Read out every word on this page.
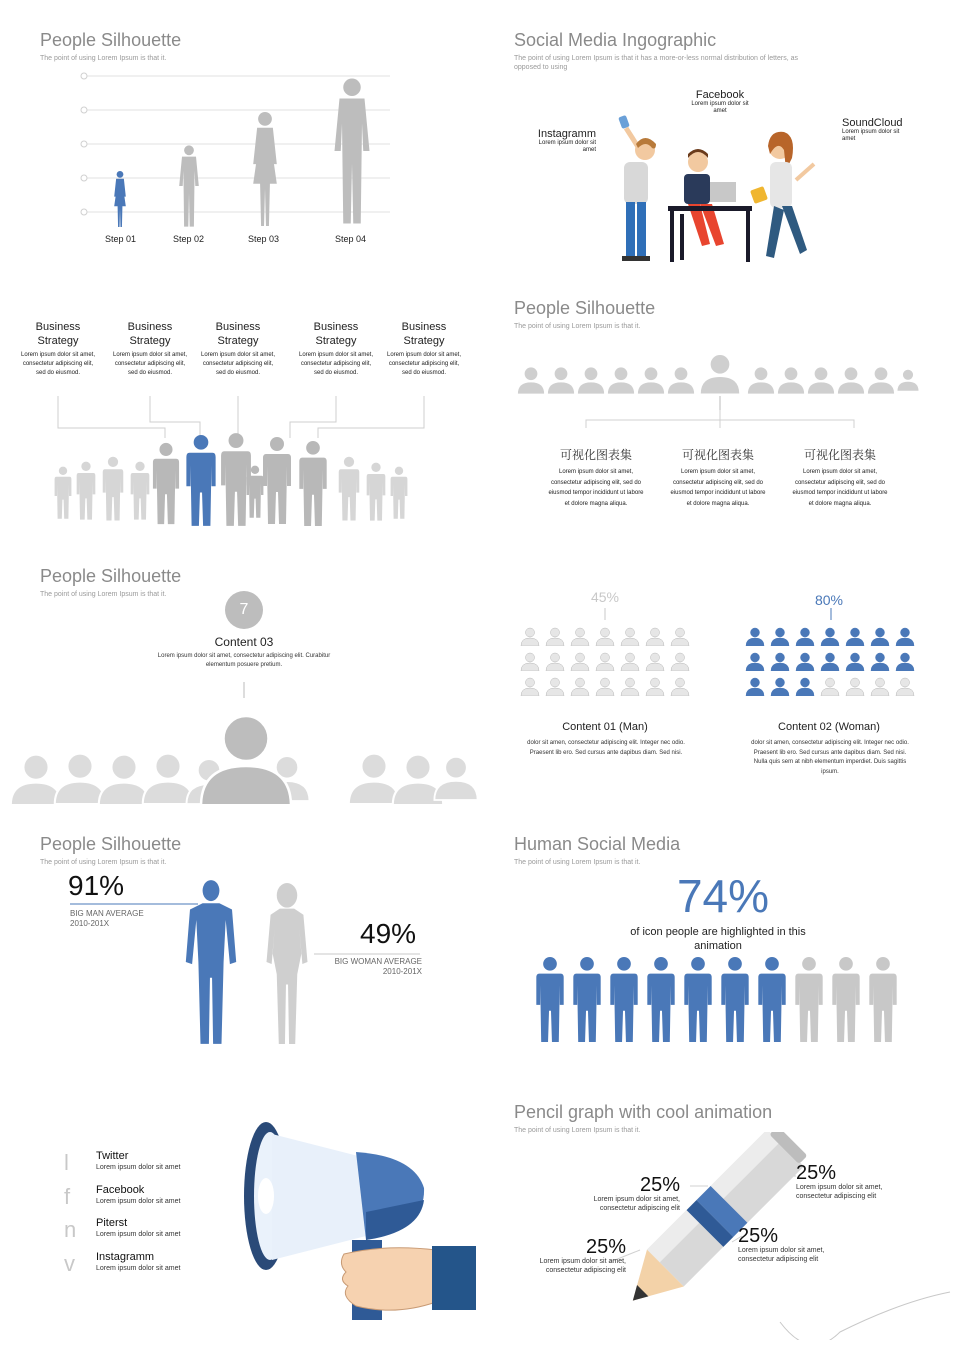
People Silhouette
The point of using Lorem Ipsum is that it.
Step 01	Step 02	Step 03	Step 04
Social Media Ingographic
The point of using Lorem Ipsum is that it has a more-or-less normal distribution of letters, as opposed to using
Facebook
Lorem ipsum dolor sit amet
Instagramm
Lorem ipsum dolor sit amet
SoundCloud
Lorem ipsum dolor sit amet
Business Strategy
Lorem ipsum dolor sit amet, consectetur adipiscing elit, sed do eiusmod.
Business Strategy
Lorem ipsum dolor sit amet, consectetur adipiscing elit, sed do eiusmod.
Business Strategy
Lorem ipsum dolor sit amet, consectetur adipiscing elit, sed do eiusmod.
Business Strategy
Lorem ipsum dolor sit amet, consectetur adipiscing elit, sed do eiusmod.
Business Strategy
Lorem ipsum dolor sit amet, consectetur adipiscing elit, sed do eiusmod.
People Silhouette
The point of using Lorem Ipsum is that it.
可视化图表集
Lorem ipsum dolor sit amet, consectetur adipiscing elit, sed do eiusmod tempor incididunt ut labore et dolore magna aliqua.
可视化图表集
Lorem ipsum dolor sit amet, consectetur adipiscing elit, sed do eiusmod tempor incididunt ut labore et dolore magna aliqua.
可视化图表集
Lorem ipsum dolor sit amet, consectetur adipiscing elit, sed do eiusmod tempor incididunt ut labore et dolore magna aliqua.
People Silhouette
The point of using Lorem Ipsum is that it.
7
Content 03
Lorem ipsum dolor sit amet, consectetur adipiscing elit. Curabitur elementum posuere pretium.
45%	80%
Content 01 (Man)
dolor sit amen, consectetur adipiscing elit. Integer nec odio. Praesent lib ero. Sed cursus ante dapibus diam. Sed nisi.
Content 02 (Woman)
dolor sit amen, consectetur adipiscing elit. Integer nec odio. Praesent lib ero. Sed cursus ante dapibus diam. Sed nisi. Nulla quis sem at nibh elementum imperdiet. Duis sagittis ipsum.
People Silhouette
The point of using Lorem Ipsum is that it.
91%
BIG MAN AVERAGE
2010-201X	49%
BIG WOMAN AVERAGE
2010-201X
Human Social Media
The point of using Lorem Ipsum is that it.
74%
of icon people are highlighted in this animation
l	Twitter
Lorem ipsum dolor sit amet
f	Facebook
Lorem ipsum dolor sit amet
n Piterst
Lorem ipsum dolor sit amet
v Instagramm
Lorem ipsum dolor sit amet
Pencil graph with cool animation
The point of using Lorem Ipsum is that it.
25%
Lorem ipsum dolor sit amet, consectetur adipiscing elit
25%
Lorem ipsum dolor sit amet, consectetur adipiscing elit
25%
Lorem ipsum dolor sit amet, consectetur adipiscing elit
25%
Lorem ipsum dolor sit amet, consectetur adipiscing elit
